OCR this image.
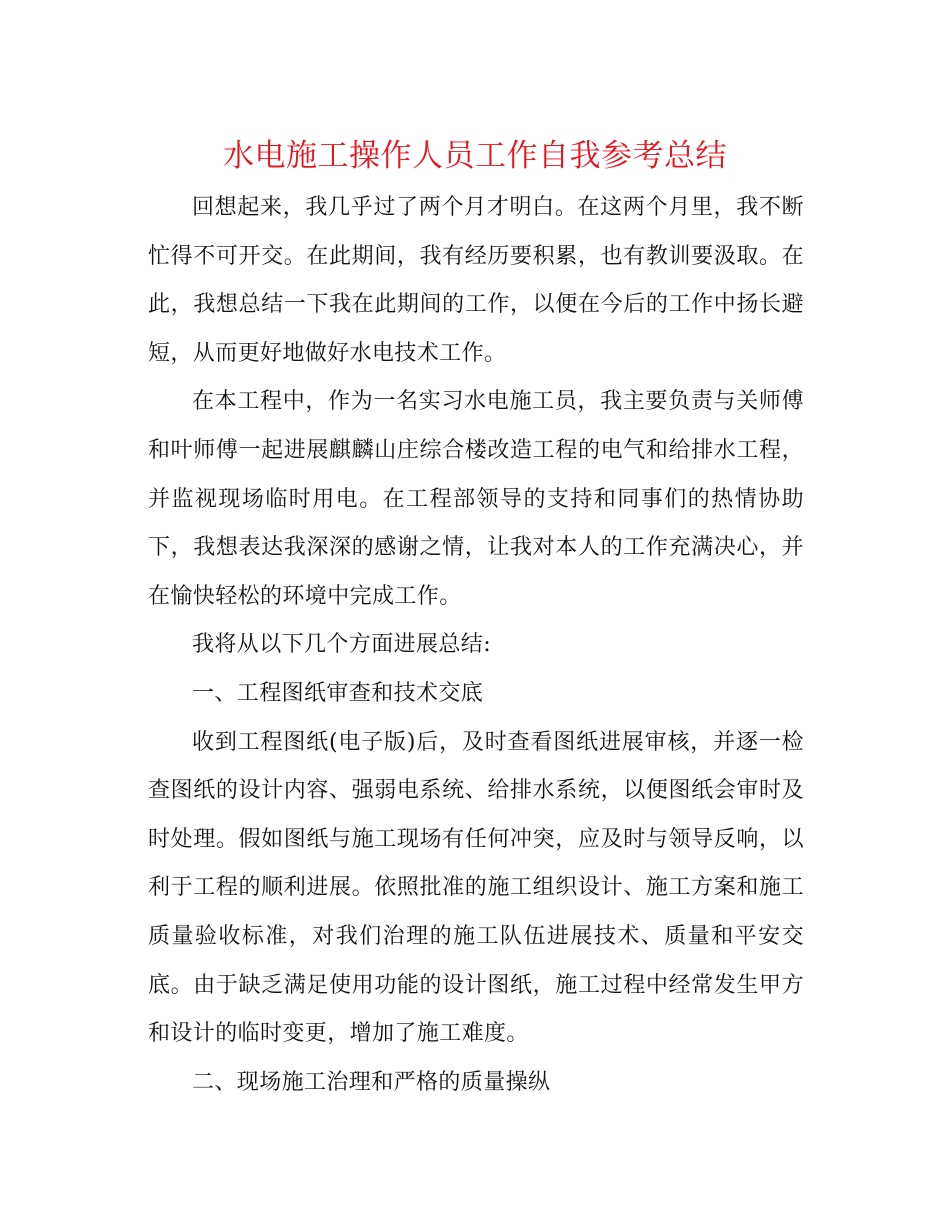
水电施工操作人员工作自我参考总结

回想起来，我几乎过了两个月才明白。在这两个月里，我不断忙得不可开交。在此期间，我有经历要积累，也有教训要汲取。在此，我想总结一下我在此期间的工作，以便在今后的工作中扬长避短，从而更好地做好水电技术工作。

在本工程中，作为一名实习水电施工员，我主要负责与关师傅和叶师傅一起进展麒麟山庄综合楼改造工程的电气和给排水工程，并监视现场临时用电。在工程部领导的支持和同事们的热情协助下，我想表达我深深的感谢之情，让我对本人的工作充满决心，并在愉快轻松的环境中完成工作。

我将从以下几个方面进展总结:

一、工程图纸审查和技术交底

收到工程图纸(电子版)后，及时查看图纸进展审核，并逐一检查图纸的设计内容、强弱电系统、给排水系统，以便图纸会审时及时处理。假如图纸与施工现场有任何冲突，应及时与领导反响，以利于工程的顺利进展。依照批准的施工组织设计、施工方案和施工质量验收标准，对我们治理的施工队伍进展技术、质量和平安交底。由于缺乏满足使用功能的设计图纸，施工过程中经常发生甲方和设计的临时变更，增加了施工难度。

二、现场施工治理和严格的质量操纵
